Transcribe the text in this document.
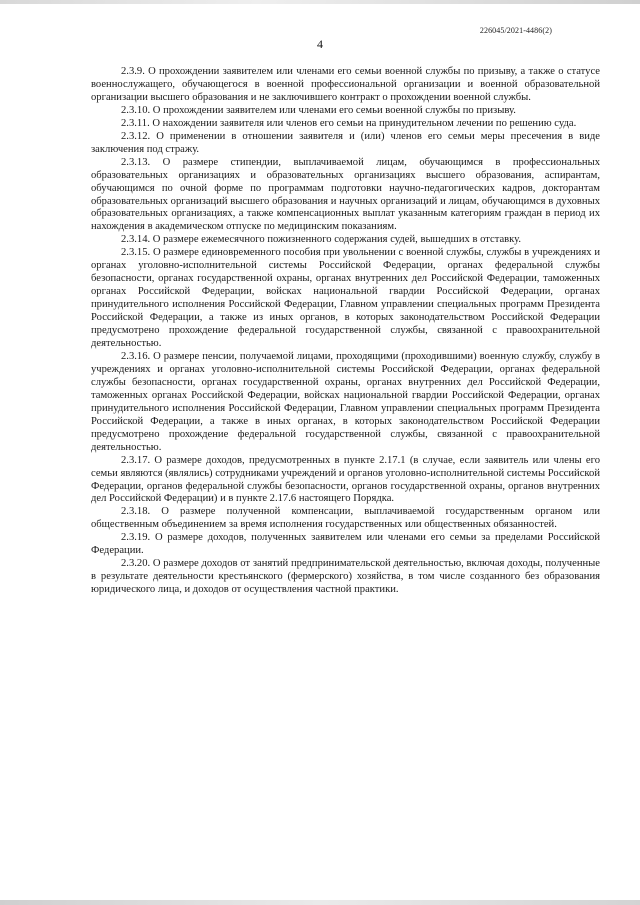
226045/2021-4486(2)
4

2.3.9. О прохождении заявителем или членами его семьи военной службы по призыву, а также о статусе военнослужащего, обучающегося в военной профессиональной организации и военной образовательной организации высшего образования и не заключившего контракт о прохождении военной службы.

2.3.10. О прохождении заявителем или членами его семьи военной службы по призыву.

2.3.11. О нахождении заявителя или членов его семьи на принудительном лечении по решению суда.

2.3.12. О применении в отношении заявителя и (или) членов его семьи меры пресечения в виде заключения под стражу.

2.3.13. О размере стипендии, выплачиваемой лицам, обучающимся в профессиональных образовательных организациях и образовательных организациях высшего образования, аспирантам, обучающимся по очной форме по программам подготовки научно-педагогических кадров, докторантам образовательных организаций высшего образования и научных организаций и лицам, обучающимся в духовных образовательных организациях, а также компенсационных выплат указанным категориям граждан в период их нахождения в академическом отпуске по медицинским показаниям.

2.3.14. О размере ежемесячного пожизненного содержания судей, вышедших в отставку.

2.3.15. О размере единовременного пособия при увольнении с военной службы, службы в учреждениях и органах уголовно-исполнительной системы Российской Федерации, органах федеральной службы безопасности, органах государственной охраны, органах внутренних дел Российской Федерации, таможенных органах Российской Федерации, войсках национальной гвардии Российской Федерации, органах принудительного исполнения Российской Федерации, Главном управлении специальных программ Президента Российской Федерации, а также из иных органов, в которых законодательством Российской Федерации предусмотрено прохождение федеральной государственной службы, связанной с правоохранительной деятельностью.

2.3.16. О размере пенсии, получаемой лицами, проходящими (проходившими) военную службу, службу в учреждениях и органах уголовно-исполнительной системы Российской Федерации, органах федеральной службы безопасности, органах государственной охраны, органах внутренних дел Российской Федерации, таможенных органах Российской Федерации, войсках национальной гвардии Российской Федерации, органах принудительного исполнения Российской Федерации, Главном управлении специальных программ Президента Российской Федерации, а также в иных органах, в которых законодательством Российской Федерации предусмотрено прохождение федеральной государственной службы, связанной с правоохранительной деятельностью.

2.3.17. О размере доходов, предусмотренных в пункте 2.17.1 (в случае, если заявитель или члены его семьи являются (являлись) сотрудниками учреждений и органов уголовно-исполнительной системы Российской Федерации, органов федеральной службы безопасности, органов государственной охраны, органов внутренних дел Российской Федерации) и в пункте 2.17.6 настоящего Порядка.

2.3.18. О размере полученной компенсации, выплачиваемой государственным органом или общественным объединением за время исполнения государственных или общественных обязанностей.

2.3.19. О размере доходов, полученных заявителем или членами его семьи за пределами Российской Федерации.

2.3.20. О размере доходов от занятий предпринимательской деятельностью, включая доходы, полученные в результате деятельности крестьянского (фермерского) хозяйства, в том числе созданного без образования юридического лица, и доходов от осуществления частной практики.
